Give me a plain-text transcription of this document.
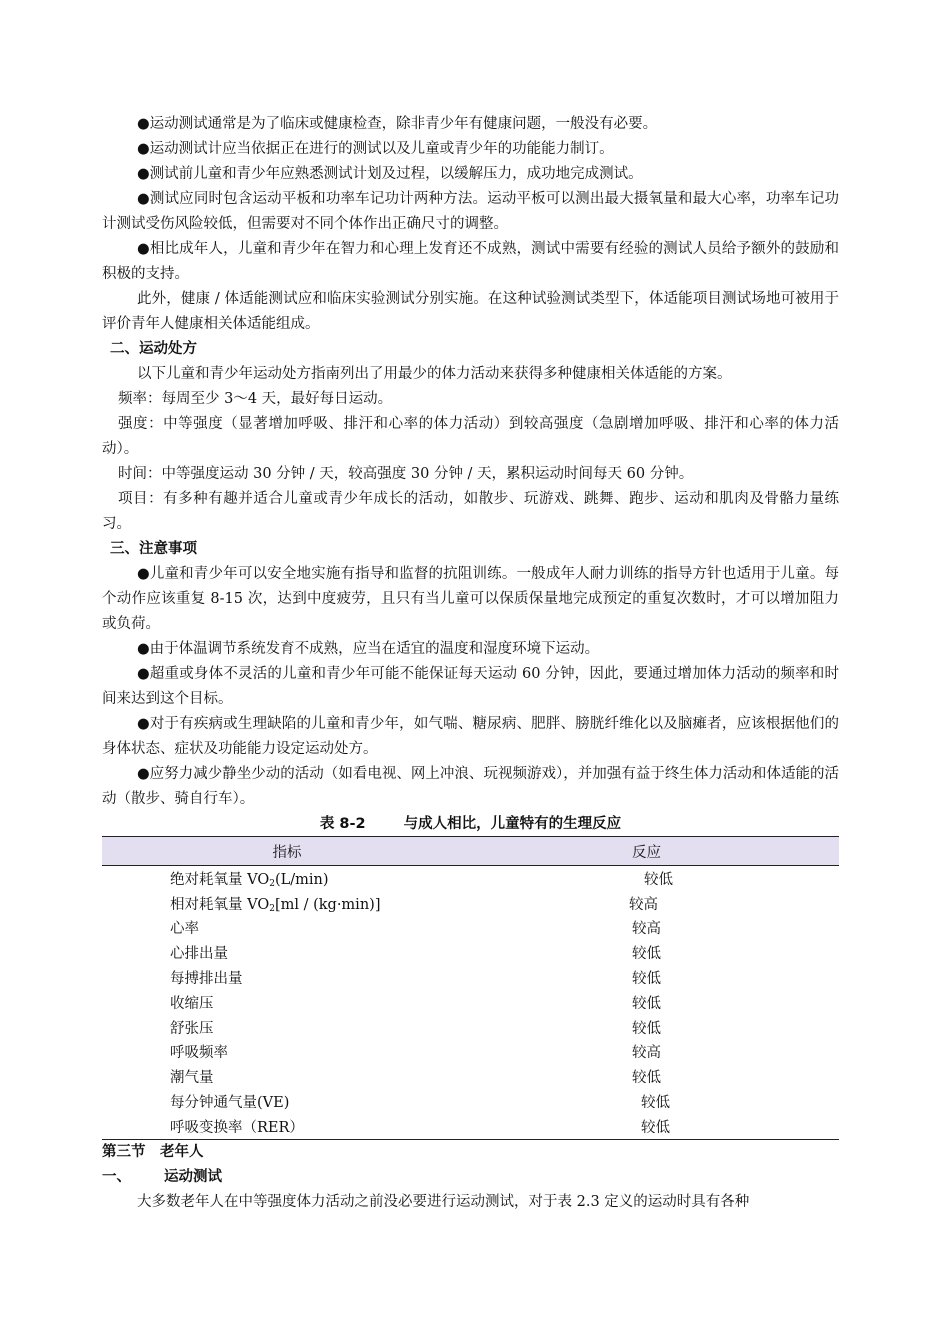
●运动测试通常是为了临床或健康检查，除非青少年有健康问题，一般没有必要。

●运动测试计应当依据正在进行的测试以及儿童或青少年的功能能力制订。

●测试前儿童和青少年应熟悉测试计划及过程，以缓解压力，成功地完成测试。

●测试应同时包含运动平板和功率车记功计两种方法。运动平板可以测出最大摄氧量和最大心率，功率车记功计测试受伤风险较低，但需要对不同个体作出正确尺寸的调整。

●相比成年人，儿童和青少年在智力和心理上发育还不成熟，测试中需要有经验的测试人员给予额外的鼓励和积极的支持。

此外，健康 / 体适能测试应和临床实验测试分别实施。在这种试验测试类型下，体适能项目测试场地可被用于评价青年人健康相关体适能组成。

二、运动处方

以下儿童和青少年运动处方指南列出了用最少的体力活动来获得多种健康相关体适能的方案。

频率：每周至少 3～4 天，最好每日运动。

强度：中等强度（显著增加呼吸、排汗和心率的体力活动）到较高强度（急剧增加呼吸、排汗和心率的体力活动）。

时间：中等强度运动 30 分钟 / 天，较高强度 30 分钟 / 天，累积运动时间每天 60 分钟。

项目：有多种有趣并适合儿童或青少年成长的活动，如散步、玩游戏、跳舞、跑步、运动和肌肉及骨骼力量练习。

三、注意事项

●儿童和青少年可以安全地实施有指导和监督的抗阻训练。一般成年人耐力训练的指导方针也适用于儿童。每个动作应该重复 8-15 次，达到中度疲劳，且只有当儿童可以保质保量地完成预定的重复次数时，才可以增加阻力或负荷。

●由于体温调节系统发育不成熟，应当在适宜的温度和湿度环境下运动。

●超重或身体不灵活的儿童和青少年可能不能保证每天运动 60 分钟，因此，要通过增加体力活动的频率和时间来达到这个目标。

●对于有疾病或生理缺陷的儿童和青少年，如气喘、糖尿病、肥胖、膀胱纤维化以及脑瘫者，应该根据他们的身体状态、症状及功能能力设定运动处方。

●应努力减少静坐少动的活动（如看电视、网上冲浪、玩视频游戏），并加强有益于终生体力活动和体适能的活动（散步、骑自行车）。

表 8-2	与成人相比，儿童特有的生理反应

指标	反应
绝对耗氧量 $VO_2(L/\min)$	较低
相对耗氧量 $VO_2[ml / (kg\cdot\min)]$	较高
心率	较高
心排出量	较低
每搏排出量	较低
收缩压	较低
舒张压	较低
呼吸频率	较高
潮气量	较低
每分钟通气量(VE)	较低
呼吸变换率（RER）	较低

第三节　老年人

一、 运动测试

大多数老年人在中等强度体力活动之前没必要进行运动测试，对于表 2.3 定义的运动时具有各种
